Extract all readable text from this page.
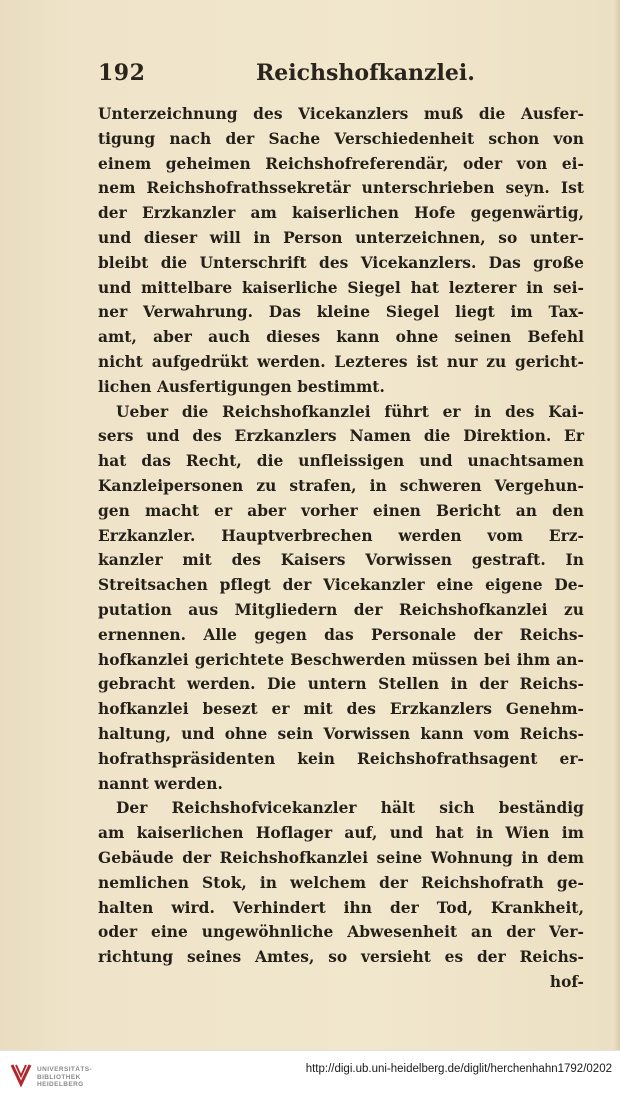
192	Reichshofkanzlei.
Unterzeichnung des Vicekanzlers muß die Ausfer-
tigung nach der Sache Verschiedenheit schon von
einem geheimen Reichshofreferendär, oder von ei-
nem Reichshofrathssekretär unterschrieben seyn. Ist
der Erzkanzler am kaiserlichen Hofe gegenwärtig,
und dieser will in Person unterzeichnen, so unter-
bleibt die Unterschrift des Vicekanzlers. Das große
und mittelbare kaiserliche Siegel hat lezterer in sei-
ner Verwahrung. Das kleine Siegel liegt im Tax-
amt, aber auch dieses kann ohne seinen Befehl
nicht aufgedrükt werden. Lezteres ist nur zu gericht-
lichen Ausfertigungen bestimmt.
Ueber die Reichshofkanzlei führt er in des Kai-
sers und des Erzkanzlers Namen die Direktion. Er
hat das Recht, die unfleissigen und unachtsamen
Kanzleipersonen zu strafen, in schweren Vergehun-
gen macht er aber vorher einen Bericht an den
Erzkanzler. Hauptverbrechen werden vom Erz-
kanzler mit des Kaisers Vorwissen gestraft. In
Streitsachen pflegt der Vicekanzler eine eigene De-
putation aus Mitgliedern der Reichshofkanzlei zu
ernennen. Alle gegen das Personale der Reichs-
hofkanzlei gerichtete Beschwerden müssen bei ihm an-
gebracht werden. Die untern Stellen in der Reichs-
hofkanzlei besezt er mit des Erzkanzlers Genehm-
haltung, und ohne sein Vorwissen kann vom Reichs-
hofrathspräsidenten kein Reichshofrathsagent er-
nannt werden.
Der Reichshofvicekanzler hält sich beständig
am kaiserlichen Hoflager auf, und hat in Wien im
Gebäude der Reichshofkanzlei seine Wohnung in dem
nemlichen Stok, in welchem der Reichshofrath ge-
halten wird. Verhindert ihn der Tod, Krankheit,
oder eine ungewöhnliche Abwesenheit an der Ver-
richtung seines Amtes, so versieht es der Reichs-
hof-
UNIVERSITÄTS-
BIBLIOTHEK
HEIDELBERG
http://digi.ub.uni-heidelberg.de/diglit/herchenhahn1792/0202
